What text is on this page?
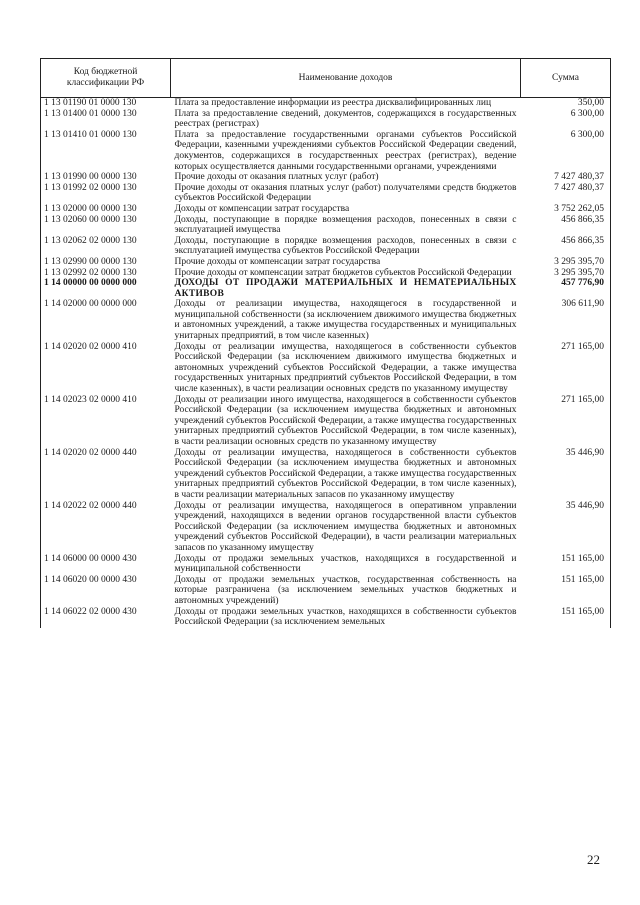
Код бюджетной классификации РФ	Наименование доходов	Сумма
1 13 01190 01 0000 130	Плата за предоставление информации из реестра дисквалифицированных лиц	350,00
1 13 01400 01 0000 130	Плата за предоставление сведений, документов, содержащихся в государственных реестрах (регистрах)	6 300,00
1 13 01410 01 0000 130	Плата за предоставление государственными органами субъектов Российской Федерации, казенными учреждениями субъектов Российской Федерации сведений, документов, содержащихся в государственных реестрах (регистрах), ведение которых осуществляется данными государственными органами, учреждениями	6 300,00
1 13 01990 00 0000 130	Прочие доходы от оказания платных услуг (работ)	7 427 480,37
1 13 01992 02 0000 130	Прочие доходы от оказания платных услуг (работ) получателями средств бюджетов субъектов Российской Федерации	7 427 480,37
1 13 02000 00 0000 130	Доходы от компенсации затрат государства	3 752 262,05
1 13 02060 00 0000 130	Доходы, поступающие в порядке возмещения расходов, понесенных в связи с эксплуатацией имущества	456 866,35
1 13 02062 02 0000 130	Доходы, поступающие в порядке возмещения расходов, понесенных в связи с эксплуатацией имущества субъектов Российской Федерации	456 866,35
1 13 02990 00 0000 130	Прочие доходы от компенсации затрат государства	3 295 395,70
1 13 02992 02 0000 130	Прочие доходы от компенсации затрат бюджетов субъектов Российской Федерации	3 295 395,70
1 14 00000 00 0000 000	ДОХОДЫ ОТ ПРОДАЖИ МАТЕРИАЛЬНЫХ И НЕМАТЕРИАЛЬНЫХ АКТИВОВ	457 776,90
1 14 02000 00 0000 000	Доходы от реализации имущества, находящегося в государственной и муниципальной собственности (за исключением движимого имущества бюджетных и автономных учреждений, а также имущества государственных и муниципальных унитарных предприятий, в том числе казенных)	306 611,90
1 14 02020 02 0000 410	Доходы от реализации имущества, находящегося в собственности субъектов Российской Федерации (за исключением движимого имущества бюджетных и автономных учреждений субъектов Российской Федерации, а также имущества государственных унитарных предприятий субъектов Российской Федерации, в том числе казенных), в части реализации основных средств по указанному имуществу	271 165,00
1 14 02023 02 0000 410	Доходы от реализации иного имущества, находящегося в собственности субъектов Российской Федерации (за исключением имущества бюджетных и автономных учреждений субъектов Российской Федерации, а также имущества государственных унитарных предприятий субъектов Российской Федерации, в том числе казенных), в части реализации основных средств по указанному имуществу	271 165,00
1 14 02020 02 0000 440	Доходы от реализации имущества, находящегося в собственности субъектов Российской Федерации (за исключением имущества бюджетных и автономных учреждений субъектов Российской Федерации, а также имущества государственных унитарных предприятий субъектов Российской Федерации, в том числе казенных), в части реализации материальных запасов по указанному имуществу	35 446,90
1 14 02022 02 0000 440	Доходы от реализации имущества, находящегося в оперативном управлении учреждений, находящихся в ведении органов государственной власти субъектов Российской Федерации (за исключением имущества бюджетных и автономных учреждений субъектов Российской Федерации), в части реализации материальных запасов по указанному имуществу	35 446,90
1 14 06000 00 0000 430	Доходы от продажи земельных участков, находящихся в государственной и муниципальной собственности	151 165,00
1 14 06020 00 0000 430	Доходы от продажи земельных участков, государственная собственность на которые разграничена (за исключением земельных участков бюджетных и автономных учреждений)	151 165,00
1 14 06022 02 0000 430	Доходы от продажи земельных участков, находящихся в собственности субъектов Российской Федерации (за исключением земельных	151 165,00
22
